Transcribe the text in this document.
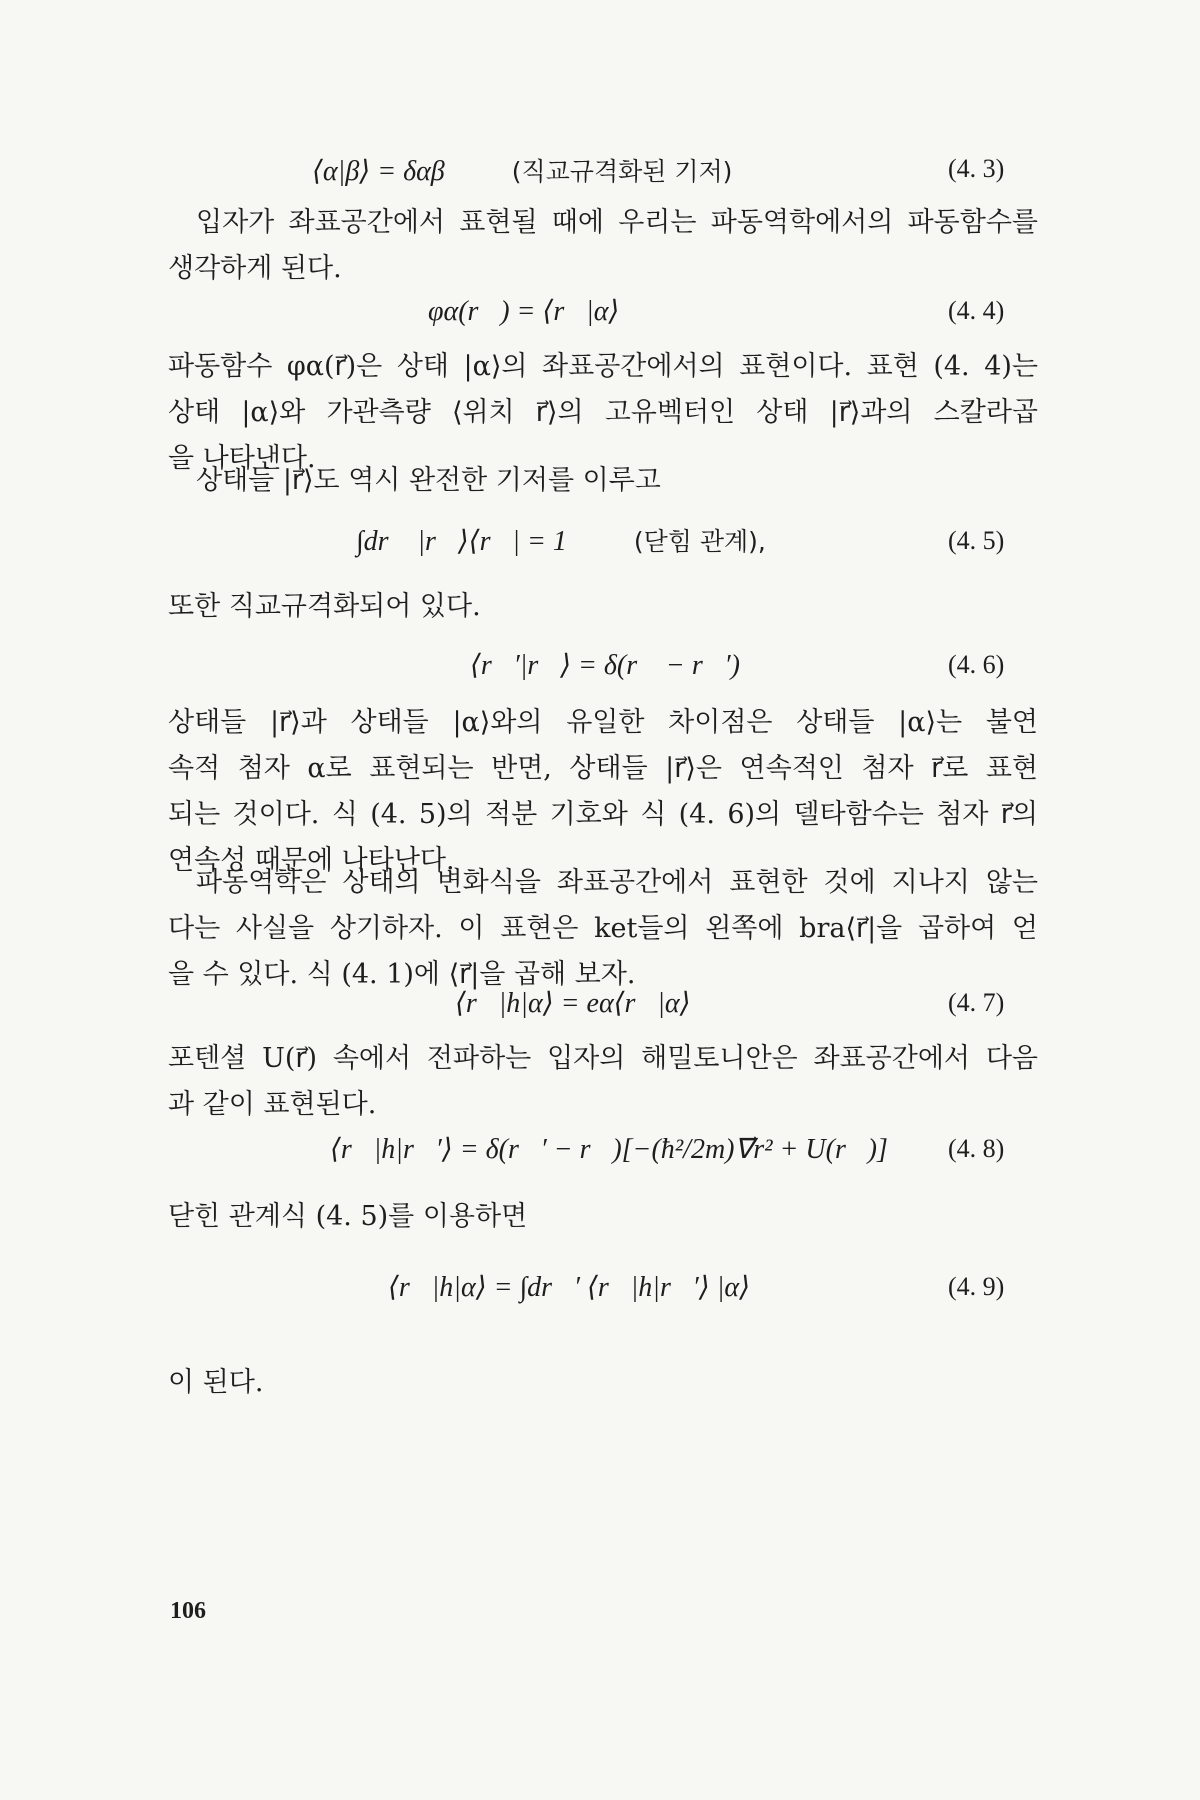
⟨α|β⟩ = δαβ	(직교규격화된 기저)	(4. 3)
입자가 좌표공간에서 표현될 때에 우리는 파동역학에서의 파동함수를
생각하게 된다.
φα(r⃗) = ⟨r⃗|α⟩	(4. 4)
파동함수 φα(r⃗)은 상태 |α⟩의 좌표공간에서의 표현이다. 표현 (4. 4)는
상태 |α⟩와 가관측량 ⟨위치 r⃗⟩의 고유벡터인 상태 |r⃗⟩과의 스칼라곱
을 나타낸다.
상태들 |r⃗⟩도 역시 완전한 기저를 이루고
∫dr⃗ |r⃗⟩⟨r⃗| = 1	(닫힘 관계),	(4. 5)
또한 직교규격화되어 있다.
⟨r⃗′|r⃗⟩ = δ(r⃗ − r⃗′)	(4. 6)
상태들 |r⃗⟩과 상태들 |α⟩와의 유일한 차이점은 상태들 |α⟩는 불연
속적 첨자 α로 표현되는 반면, 상태들 |r⃗⟩은 연속적인 첨자 r⃗로 표현
되는 것이다. 식 (4. 5)의 적분 기호와 식 (4. 6)의 델타함수는 첨자 r⃗의
연속성 때문에 나타난다.
파동역학은 상태의 변화식을 좌표공간에서 표현한 것에 지나지 않는
다는 사실을 상기하자. 이 표현은 ket들의 왼쪽에 bra⟨r⃗|을 곱하여 얻
을 수 있다. 식 (4. 1)에 ⟨r⃗|을 곱해 보자.
⟨r⃗|h|α⟩ = eα⟨r⃗|α⟩	(4. 7)
포텐셜 U(r⃗) 속에서 전파하는 입자의 해밀토니안은 좌표공간에서 다음
과 같이 표현된다.
⟨r⃗|h|r⃗′⟩ = δ(r⃗′ − r⃗)[−(ħ²/2m)∇⃗r² + U(r⃗)] (4. 8)
닫힌 관계식 (4. 5)를 이용하면
⟨r⃗|h|α⟩ = ∫dr⃗′ ⟨r⃗|h|r⃗′⟩ |α⟩	(4. 9)
이 된다.
106
